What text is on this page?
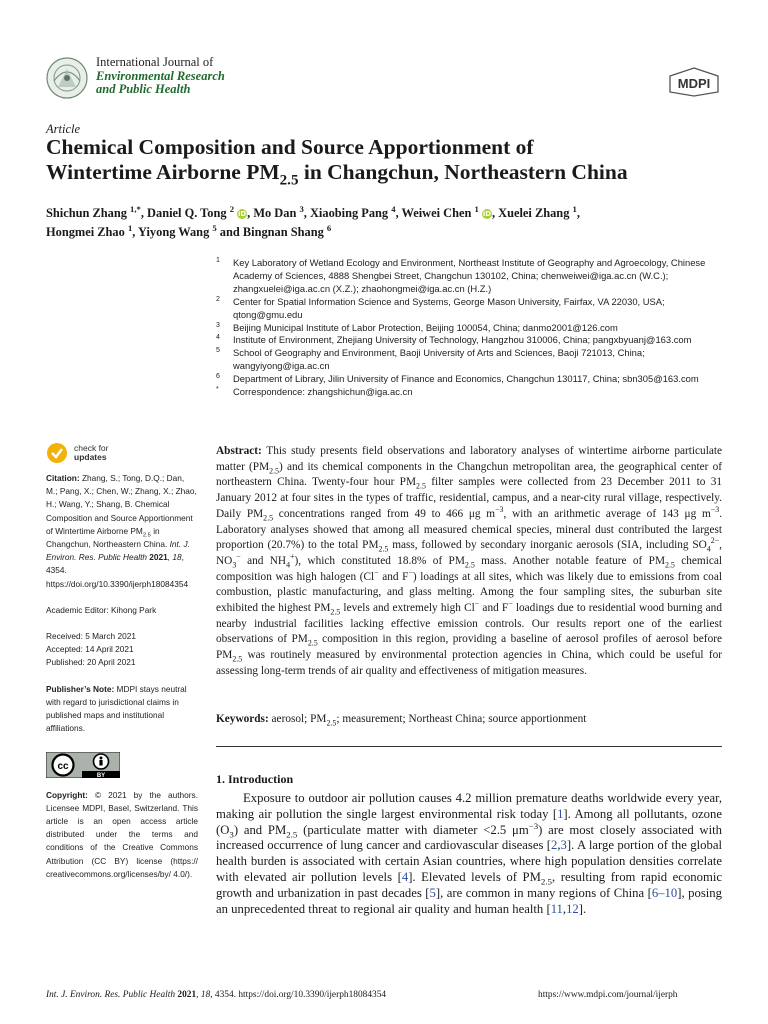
International Journal of
Environmental Research
and Public Health	MDPI
Article
Chemical Composition and Source Apportionment of
Wintertime Airborne $PM_{2.5}$ in Changchun, Northeastern China
Shichun Zhang $^{1,*}$, Daniel Q. Tong $^2$ iD, Mo Dan $^3$, Xiaobing Pang $^4$, Weiwei Chen $^1$ iD, Xuelei Zhang $^1$,
Hongmei Zhao $^1$, Yiyong Wang $^5$ and Bingnan Shang $^6$
1 Key Laboratory of Wetland Ecology and Environment, Northeast Institute of Geography and Agroecology, Chinese Academy of Sciences, 4888 Shengbei Street, Changchun 130102, China; chenweiwei@iga.ac.cn (W.C.); zhangxuelei@iga.ac.cn (X.Z.); zhaohongmei@iga.ac.cn (H.Z.)
2 Center for Spatial Information Science and Systems, George Mason University, Fairfax, VA 22030, USA; qtong@gmu.edu
3 Beijing Municipal Institute of Labor Protection, Beijing 100054, China; danmo2001@126.com
4 Institute of Environment, Zhejiang University of Technology, Hangzhou 310006, China; pangxbyuanj@163.com
5 School of Geography and Environment, Baoji University of Arts and Sciences, Baoji 721013, China; wangyiyong@iga.ac.cn
6 Department of Library, Jilin University of Finance and Economics, Changchun 130117, China; sbn305@163.com
* Correspondence: zhangshichun@iga.ac.cn
check for
updates
Citation: Zhang, S.; Tong, D.Q.; Dan, M.; Pang, X.; Chen, W.; Zhang, X.; Zhao, H.; Wang, Y.; Shang, B. Chemical Composition and Source Apportionment of Wintertime Airborne $PM_{2.5}$ in Changchun, Northeastern China. Int. J. Environ. Res. Public Health 2021, 18, 4354. https://doi.org/10.3390/ijerph18084354
Academic Editor: Kihong Park
Received: 5 March 2021
Accepted: 14 April 2021
Published: 20 April 2021
Publisher’s Note: MDPI stays neutral with regard to jurisdictional claims in published maps and institutional affiliations.
cc
BY
Copyright: © 2021 by the authors. Licensee MDPI, Basel, Switzerland. This article is an open access article distributed under the terms and conditions of the Creative Commons Attribution (CC BY) license (https:// creativecommons.org/licenses/by/ 4.0/).
Abstract: This study presents field observations and laboratory analyses of wintertime airborne particulate matter $(PM_{2.5})$ and its chemical components in the Changchun metropolitan area, the geographical center of northeastern China. Twenty-four hour $PM_{2.5}$ filter samples were collected from 23 December 2011 to 31 January 2012 at four sites in the types of traffic, residential, campus, and a near-city rural village, respectively. Daily $PM_{2.5}$ concentrations ranged from 49 to 466 μg $m^{-3}$, with an arithmetic average of 143 μg $m^{-3}$. Laboratory analyses showed that among all measured chemical species, mineral dust contributed the largest proportion (20.7%) to the total $PM_{2.5}$ mass, followed by secondary inorganic aerosols (SIA, including $SO_4^{2-}$, $NO_3^-$ and $NH_4^+$), which constituted 18.8% of $PM_{2.5}$ mass. Another notable feature of $PM_{2.5}$ chemical composition was high halogen (Cl− and F−) loadings at all sites, which was likely due to emissions from coal combustion, plastic manufacturing, and glass melting. Among the four sampling sites, the suburban site exhibited the highest $PM_{2.5}$ levels and extremely high Cl− and F− loadings due to residential wood burning and nearby industrial facilities lacking effective emission controls. Our results report one of the earliest observations of $PM_{2.5}$ composition in this region, providing a baseline of aerosol profiles of aerosol before $PM_{2.5}$ was routinely measured by environmental protection agencies in China, which could be useful for assessing long-term trends of air quality and effectiveness of mitigation measures.
Keywords: aerosol; $PM_{2.5}$; measurement; Northeast China; source apportionment
1. Introduction
Exposure to outdoor air pollution causes 4.2 million premature deaths worldwide every year, making air pollution the single largest environmental risk today [1]. Among all pollutants, ozone $(O_3)$ and $PM_{2.5}$ (particulate matter with diameter <2.5 $\mu m^{-3}$) are most closely associated with increased occurrence of lung cancer and cardiovascular diseases [2,3]. A large portion of the global health burden is associated with certain Asian countries, where high population densities correlate with elevated air pollution levels [4]. Elevated levels of $PM_{2.5}$, resulting from rapid economic growth and urbanization in past decades [5], are common in many regions of China [6–10], posing an unprecedented threat to regional air quality and human health [11,12].
Int. J. Environ. Res. Public Health 2021, 18, 4354. https://doi.org/10.3390/ijerph18084354	https://www.mdpi.com/journal/ijerph
